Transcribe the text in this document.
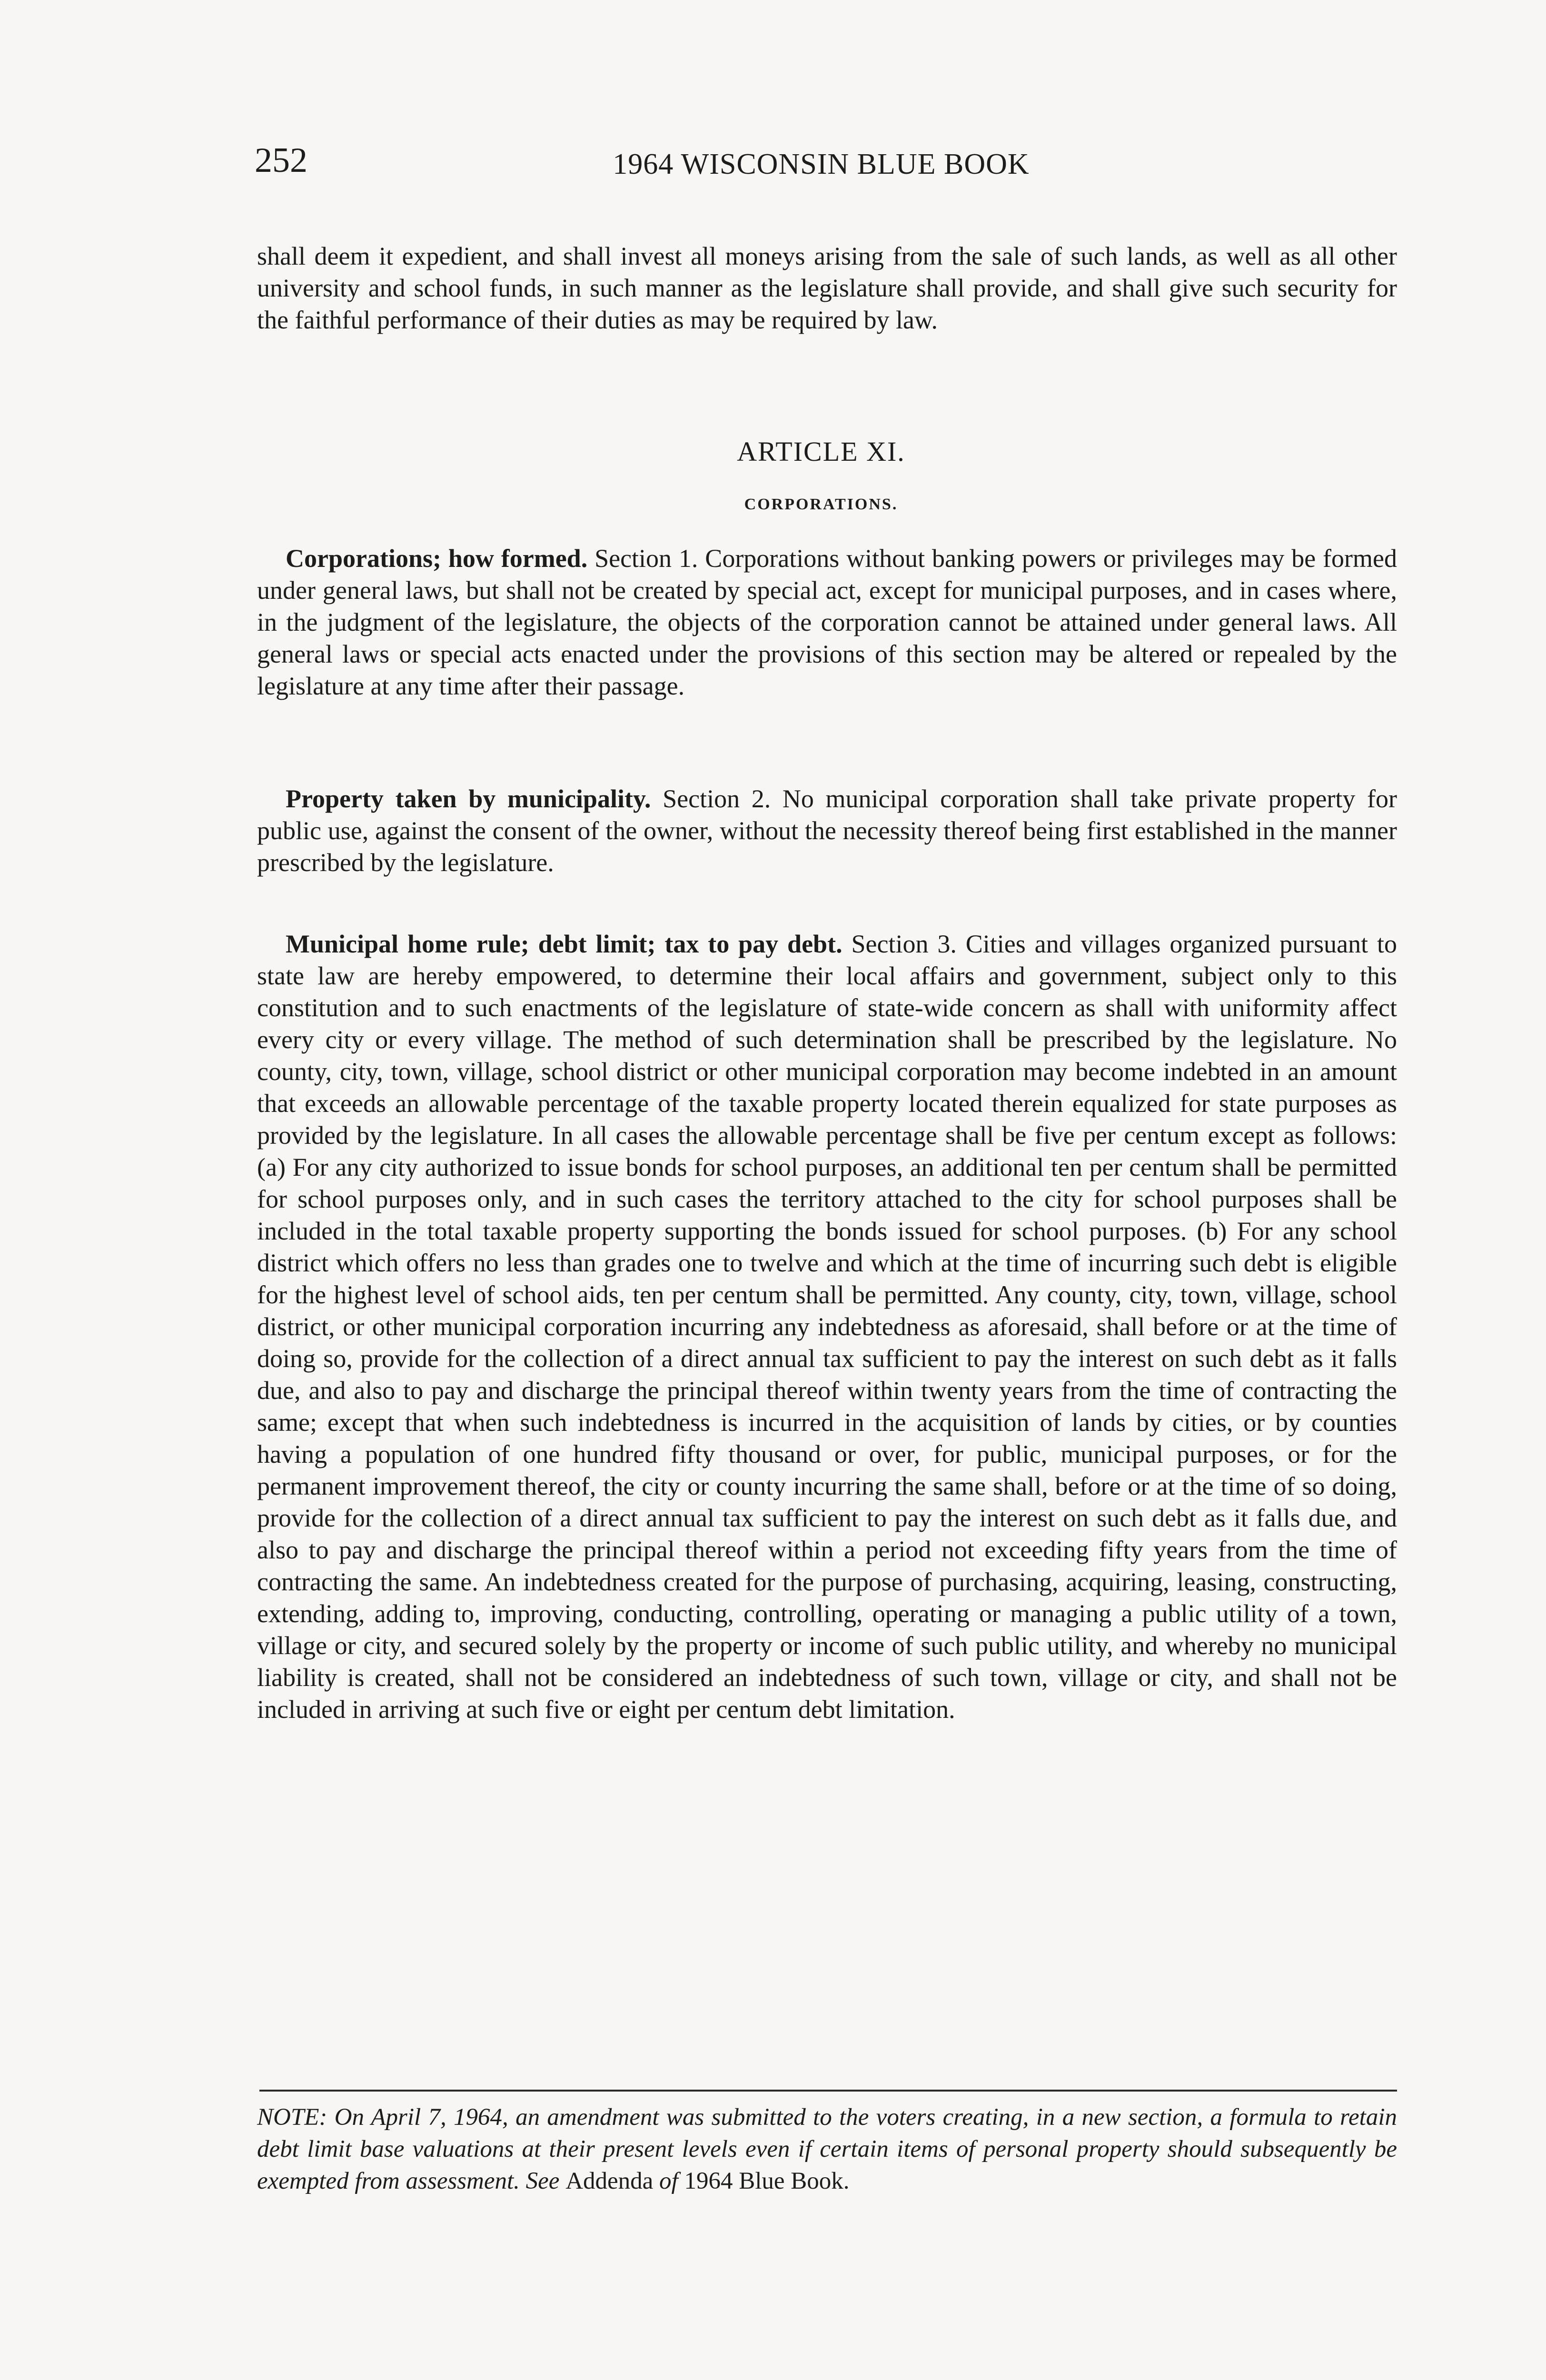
252	1964 WISCONSIN BLUE BOOK

shall deem it expedient, and shall invest all moneys arising from the sale of such lands, as well as all other university and school funds, in such manner as the legislature shall provide, and shall give such security for the faithful performance of their duties as may be required by law.

ARTICLE XI.
CORPORATIONS.

Corporations; how formed. Section 1. Corporations without banking powers or privileges may be formed under general laws, but shall not be created by special act, except for municipal purposes, and in cases where, in the judgment of the legislature, the objects of the corporation cannot be attained under general laws. All general laws or special acts enacted under the provisions of this section may be altered or repealed by the legislature at any time after their passage.

Property taken by municipality. Section 2. No municipal corporation shall take private property for public use, against the consent of the owner, without the necessity thereof being first established in the manner prescribed by the legislature.

Municipal home rule; debt limit; tax to pay debt. Section 3. Cities and villages organized pursuant to state law are hereby empowered, to determine their local affairs and government, subject only to this constitution and to such enactments of the legislature of state-wide concern as shall with uniformity affect every city or every village. The method of such determination shall be prescribed by the legislature. No county, city, town, village, school district or other municipal corporation may become indebted in an amount that exceeds an allowable percentage of the taxable property located therein equalized for state purposes as provided by the legislature. In all cases the allowable percentage shall be five per centum except as follows: (a) For any city authorized to issue bonds for school purposes, an additional ten per centum shall be permitted for school purposes only, and in such cases the territory attached to the city for school purposes shall be included in the total taxable property supporting the bonds issued for school purposes. (b) For any school district which offers no less than grades one to twelve and which at the time of incurring such debt is eligible for the highest level of school aids, ten per centum shall be permitted. Any county, city, town, village, school district, or other municipal corporation incurring any indebtedness as aforesaid, shall before or at the time of doing so, provide for the collection of a direct annual tax sufficient to pay the interest on such debt as it falls due, and also to pay and discharge the principal thereof within twenty years from the time of contracting the same; except that when such indebtedness is incurred in the acquisition of lands by cities, or by counties having a population of one hundred fifty thousand or over, for public, municipal purposes, or for the permanent improvement thereof, the city or county incurring the same shall, before or at the time of so doing, provide for the collection of a direct annual tax sufficient to pay the interest on such debt as it falls due, and also to pay and discharge the principal thereof within a period not exceeding fifty years from the time of contracting the same. An indebtedness created for the purpose of purchasing, acquiring, leasing, constructing, extending, adding to, improving, conducting, controlling, operating or managing a public utility of a town, village or city, and secured solely by the property or income of such public utility, and whereby no municipal liability is created, shall not be considered an indebtedness of such town, village or city, and shall not be included in arriving at such five or eight per centum debt limitation.

NOTE: On April 7, 1964, an amendment was submitted to the voters creating, in a new section, a formula to retain debt limit base valuations at their present levels even if certain items of personal property should subsequently be exempted from assessment. See Addenda of 1964 Blue Book.
